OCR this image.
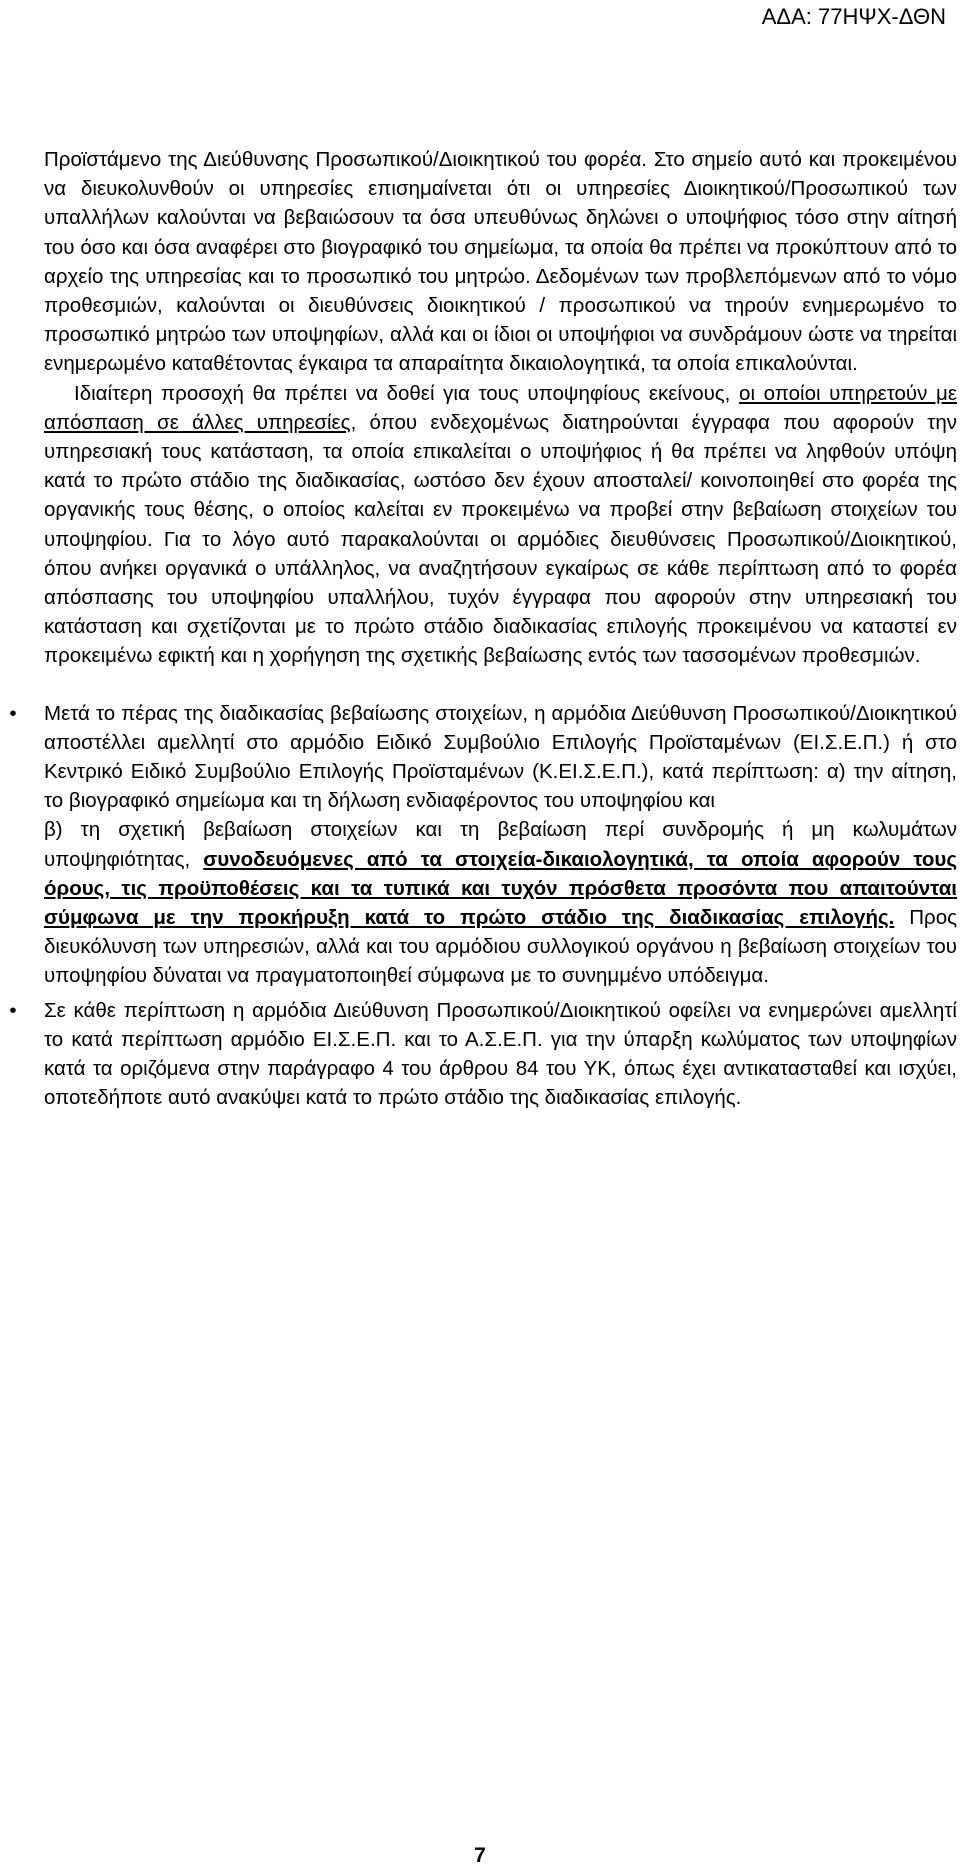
ΑΔΑ: 77ΗΨΧ-ΔΘΝ

Προϊστάμενο της Διεύθυνσης Προσωπικού/Διοικητικού του φορέα. Στο σημείο αυτό και προκειμένου να διευκολυνθούν οι υπηρεσίες επισημαίνεται ότι οι υπηρεσίες Διοικητικού/Προσωπικού των υπαλλήλων καλούνται να βεβαιώσουν τα όσα υπευθύνως δηλώνει ο υποψήφιος τόσο στην αίτησή του όσο και όσα αναφέρει στο βιογραφικό του σημείωμα, τα οποία θα πρέπει να προκύπτουν από το αρχείο της υπηρεσίας και το προσωπικό του μητρώο. Δεδομένων των προβλεπόμενων από το νόμο προθεσμιών, καλούνται οι διευθύνσεις διοικητικού / προσωπικού να τηρούν ενημερωμένο το προσωπικό μητρώο των υποψηφίων, αλλά και οι ίδιοι οι υποψήφιοι να συνδράμουν ώστε να τηρείται ενημερωμένο καταθέτοντας έγκαιρα τα απαραίτητα δικαιολογητικά, τα οποία επικαλούνται.

Ιδιαίτερη προσοχή θα πρέπει να δοθεί για τους υποψηφίους εκείνους, οι οποίοι υπηρετούν με απόσπαση σε άλλες υπηρεσίες, όπου ενδεχομένως διατηρούνται έγγραφα που αφορούν την υπηρεσιακή τους κατάσταση, τα οποία επικαλείται ο υποψήφιος ή θα πρέπει να ληφθούν υπόψη κατά το πρώτο στάδιο της διαδικασίας, ωστόσο δεν έχουν αποσταλεί/ κοινοποιηθεί στο φορέα της οργανικής τους θέσης, ο οποίος καλείται εν προκειμένω να προβεί στην βεβαίωση στοιχείων του υποψηφίου. Για το λόγο αυτό παρακαλούνται οι αρμόδιες διευθύνσεις Προσωπικού/Διοικητικού, όπου ανήκει οργανικά ο υπάλληλος, να αναζητήσουν εγκαίρως σε κάθε περίπτωση από το φορέα απόσπασης του υποψηφίου υπαλλήλου, τυχόν έγγραφα που αφορούν στην υπηρεσιακή του κατάσταση και σχετίζονται με το πρώτο στάδιο διαδικασίας επιλογής προκειμένου να καταστεί εν προκειμένω εφικτή και η χορήγηση της σχετικής βεβαίωσης εντός των τασσομένων προθεσμιών.

• Μετά το πέρας της διαδικασίας βεβαίωσης στοιχείων, η αρμόδια Διεύθυνση Προσωπικού/Διοικητικού αποστέλλει αμελλητί στο αρμόδιο Ειδικό Συμβούλιο Επιλογής Προϊσταμένων (ΕΙ.Σ.Ε.Π.) ή στο Κεντρικό Ειδικό Συμβούλιο Επιλογής Προϊσταμένων (Κ.ΕΙ.Σ.Ε.Π.), κατά περίπτωση: α) την αίτηση, το βιογραφικό σημείωμα και τη δήλωση ενδιαφέροντος του υποψηφίου και

β) τη σχετική βεβαίωση στοιχείων και τη βεβαίωση περί συνδρομής ή μη κωλυμάτων υποψηφιότητας, συνοδευόμενες από τα στοιχεία-δικαιολογητικά, τα οποία αφορούν τους όρους, τις προϋποθέσεις και τα τυπικά και τυχόν πρόσθετα προσόντα που απαιτούνται σύμφωνα με την προκήρυξη κατά το πρώτο στάδιο της διαδικασίας επιλογής. Προς διευκόλυνση των υπηρεσιών, αλλά και του αρμόδιου συλλογικού οργάνου η βεβαίωση στοιχείων του υποψηφίου δύναται να πραγματοποιηθεί σύμφωνα με το συνημμένο υπόδειγμα.

• Σε κάθε περίπτωση η αρμόδια Διεύθυνση Προσωπικού/Διοικητικού οφείλει να ενημερώνει αμελλητί το κατά περίπτωση αρμόδιο ΕΙ.Σ.Ε.Π. και το Α.Σ.Ε.Π. για την ύπαρξη κωλύματος των υποψηφίων κατά τα οριζόμενα στην παράγραφο 4 του άρθρου 84 του ΥΚ, όπως έχει αντικατασταθεί και ισχύει, οποτεδήποτε αυτό ανακύψει κατά το πρώτο στάδιο της διαδικασίας επιλογής.

7
